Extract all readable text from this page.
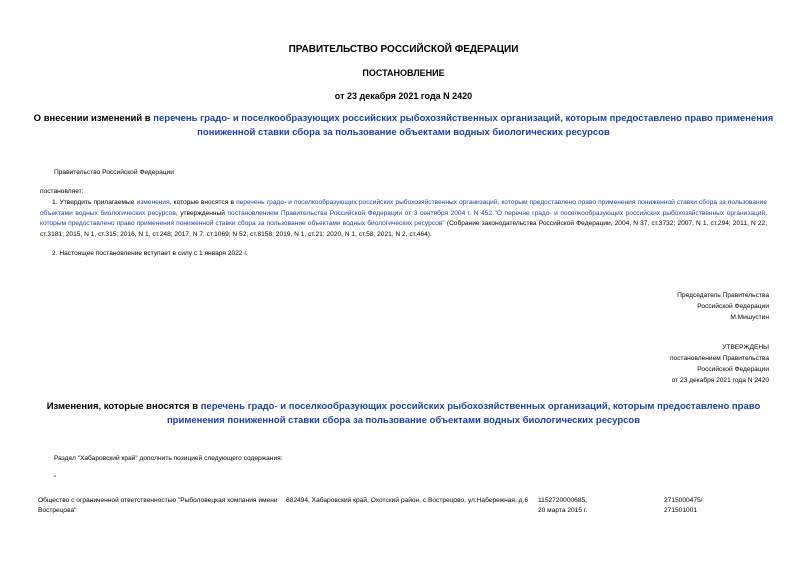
ПРАВИТЕЛЬСТВО РОССИЙСКОЙ ФЕДЕРАЦИИ
ПОСТАНОВЛЕНИЕ
от 23 декабря 2021 года N 2420
О внесении изменений в перечень градо- и поселкообразующих российских рыбохозяйственных организаций, которым предоставлено право применения пониженной ставки сбора за пользование объектами водных биологических ресурсов
Правительство Российской Федерации
постановляет:
1. Утвердить прилагаемые изменения, которые вносятся в перечень градо- и поселкообразующих российских рыбохозяйственных организаций, которым предоставлено право применения пониженной ставки сбора за пользование объектами водных биологических ресурсов, утвержденный постановлением Правительства Российской Федерации от 3 сентября 2004 г. N 452 "О перечне градо- и поселкообразующих российских рыбохозяйственных организаций, которым предоставлено право применения пониженной ставки сбора за пользование объектами водных биологических ресурсов" (Собрание законодательства Российской Федерации, 2004, N 37, ст.3732; 2007, N 1, ст.294; 2011, N 22, ст.3181; 2015, N 1, ст.315; 2016, N 1, ст.248; 2017, N 7, ст.1069; N 52, ст.8158; 2019, N 1, ст.21; 2020, N 1, ст.58; 2021, N 2, ст.464).
2. Настоящее постановление вступает в силу с 1 января 2022 г.
Председатель Правительства
Российской Федерации
М.Мишустин
УТВЕРЖДЕНЫ
постановлением Правительства
Российской Федерации
от 23 декабря 2021 года N 2420
Изменения, которые вносятся в перечень градо- и поселкообразующих российских рыбохозяйственных организаций, которым предоставлено право применения пониженной ставки сбора за пользование объектами водных биологических ресурсов
Раздел "Хабаровский край" дополнить позицией следующего содержания:
"
Общество с ограниченной ответственностью "Рыболовецкая компания имени
Вострецова"
682494, Хабаровский край, Охотский район, с.Вострецово, ул.Набережная, д.6	1152720000685,
20 марта 2015 г.
2715000475/
271501001
